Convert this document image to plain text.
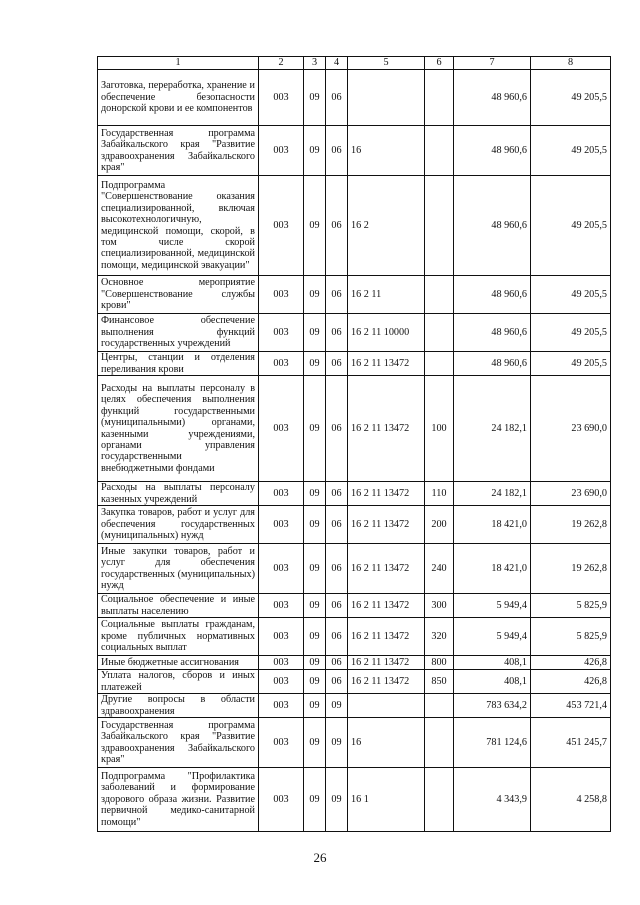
1	2	3	4	5	6	7	8
Заготовка, переработка, хранение и обеспечение безопасности донорской крови и ее компонентов	003	09	06			48 960,6	49 205,5
Государственная программа Забайкальского края "Развитие здравоохранения Забайкальского края"	003	09	06	16		48 960,6	49 205,5
Подпрограмма "Совершенствование оказания специализированной, включая высокотехнологичную, медицинской помощи, скорой, в том числе скорой специализированной, медицинской помощи, медицинской эвакуации"	003	09	06	16 2		48 960,6	49 205,5
Основное мероприятие "Совершенствование службы крови"	003	09	06	16 2 11		48 960,6	49 205,5
Финансовое обеспечение выполнения функций государственных учреждений	003	09	06	16 2 11 10000		48 960,6	49 205,5
Центры, станции и отделения переливания крови	003	09	06	16 2 11 13472		48 960,6	49 205,5
Расходы на выплаты персоналу в целях обеспечения выполнения функций государственными (муниципальными) органами, казенными учреждениями, органами управления государственными внебюджетными фондами	003	09	06	16 2 11 13472	100	24 182,1	23 690,0
Расходы на выплаты персоналу казенных учреждений	003	09	06	16 2 11 13472	110	24 182,1	23 690,0
Закупка товаров, работ и услуг для обеспечения государственных (муниципальных) нужд	003	09	06	16 2 11 13472	200	18 421,0	19 262,8
Иные закупки товаров, работ и услуг для обеспечения государственных (муниципальных) нужд	003	09	06	16 2 11 13472	240	18 421,0	19 262,8
Социальное обеспечение и иные выплаты населению	003	09	06	16 2 11 13472	300	5 949,4	5 825,9
Социальные выплаты гражданам, кроме публичных нормативных социальных выплат	003	09	06	16 2 11 13472	320	5 949,4	5 825,9
Иные бюджетные ассигнования	003	09	06	16 2 11 13472	800	408,1	426,8
Уплата налогов, сборов и иных платежей	003	09	06	16 2 11 13472	850	408,1	426,8
Другие вопросы в области здравоохранения	003	09	09			783 634,2	453 721,4
Государственная программа Забайкальского края "Развитие здравоохранения Забайкальского края"	003	09	09	16		781 124,6	451 245,7
Подпрограмма "Профилактика заболеваний и формирование здорового образа жизни. Развитие первичной медико-санитарной помощи"	003	09	09	16 1		4 343,9	4 258,8
26
